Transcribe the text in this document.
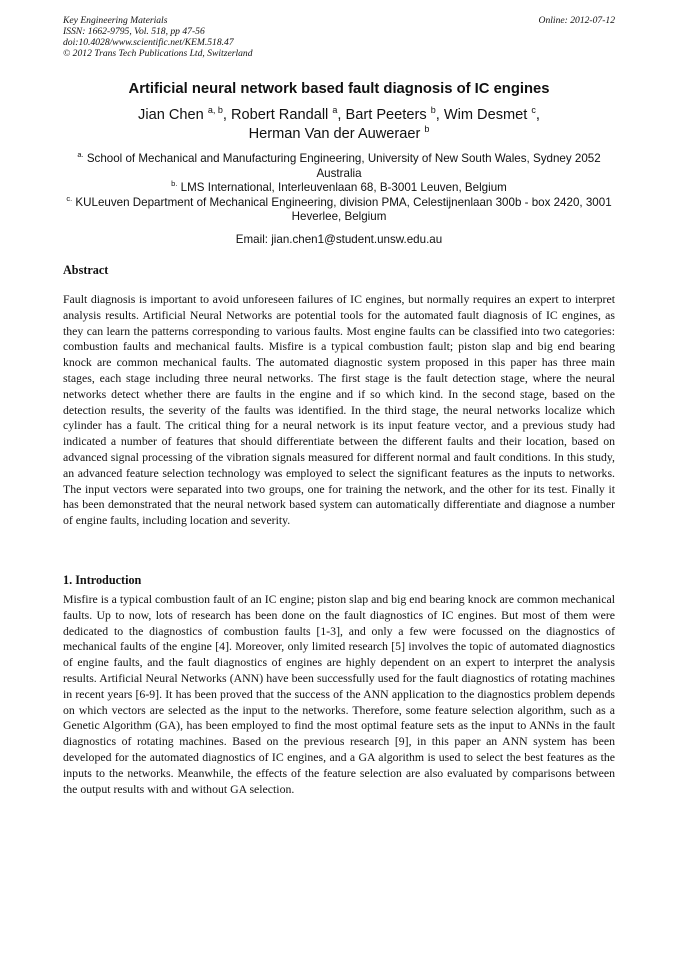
Key Engineering Materials
ISSN: 1662-9795, Vol. 518, pp 47-56
doi:10.4028/www.scientific.net/KEM.518.47
© 2012 Trans Tech Publications Ltd, Switzerland
Online: 2012-07-12
Artificial neural network based fault diagnosis of IC engines
Jian Chen $^{a, b}$, Robert Randall $^a$, Bart Peeters $^b$, Wim Desmet $^c$,
Herman Van der Auweraer $^b$
$^{a.}$ School of Mechanical and Manufacturing Engineering, University of New South Wales, Sydney 2052 Australia
$^{b.}$ LMS International, Interleuvenlaan 68, B-3001 Leuven, Belgium
$^{c.}$ KULeuven Department of Mechanical Engineering, division PMA, Celestijnenlaan 300b - box 2420, 3001 Heverlee, Belgium
Email: jian.chen1@student.unsw.edu.au
Abstract

Fault diagnosis is important to avoid unforeseen failures of IC engines, but normally requires an expert to interpret analysis results. Artificial Neural Networks are potential tools for the automated fault diagnosis of IC engines, as they can learn the patterns corresponding to various faults. Most engine faults can be classified into two categories: combustion faults and mechanical faults. Misfire is a typical combustion fault; piston slap and big end bearing knock are common mechanical faults. The automated diagnostic system proposed in this paper has three main stages, each stage including three neural networks. The first stage is the fault detection stage, where the neural networks detect whether there are faults in the engine and if so which kind. In the second stage, based on the detection results, the severity of the faults was identified. In the third stage, the neural networks localize which cylinder has a fault. The critical thing for a neural network is its input feature vector, and a previous study had indicated a number of features that should differentiate between the different faults and their location, based on advanced signal processing of the vibration signals measured for different normal and fault conditions. In this study, an advanced feature selection technology was employed to select the significant features as the inputs to networks. The input vectors were separated into two groups, one for training the network, and the other for its test. Finally it has been demonstrated that the neural network based system can automatically differentiate and diagnose a number of engine faults, including location and severity.

1. Introduction

Misfire is a typical combustion fault of an IC engine; piston slap and big end bearing knock are common mechanical faults. Up to now, lots of research has been done on the fault diagnostics of IC engines. But most of them were dedicated to the diagnostics of combustion faults [1-3], and only a few were focussed on the diagnostics of mechanical faults of the engine [4]. Moreover, only limited research [5] involves the topic of automated diagnostics of engine faults, and the fault diagnostics of engines are highly dependent on an expert to interpret the analysis results. Artificial Neural Networks (ANN) have been successfully used for the fault diagnostics of rotating machines in recent years [6-9]. It has been proved that the success of the ANN application to the diagnostics problem depends on which vectors are selected as the input to the networks. Therefore, some feature selection algorithm, such as a Genetic Algorithm (GA), has been employed to find the most optimal feature sets as the input to ANNs in the fault diagnostics of rotating machines. Based on the previous research [9], in this paper an ANN system has been developed for the automated diagnostics of IC engines, and a GA algorithm is used to select the best features as the inputs to the networks. Meanwhile, the effects of the feature selection are also evaluated by comparisons between the output results with and without GA selection.
